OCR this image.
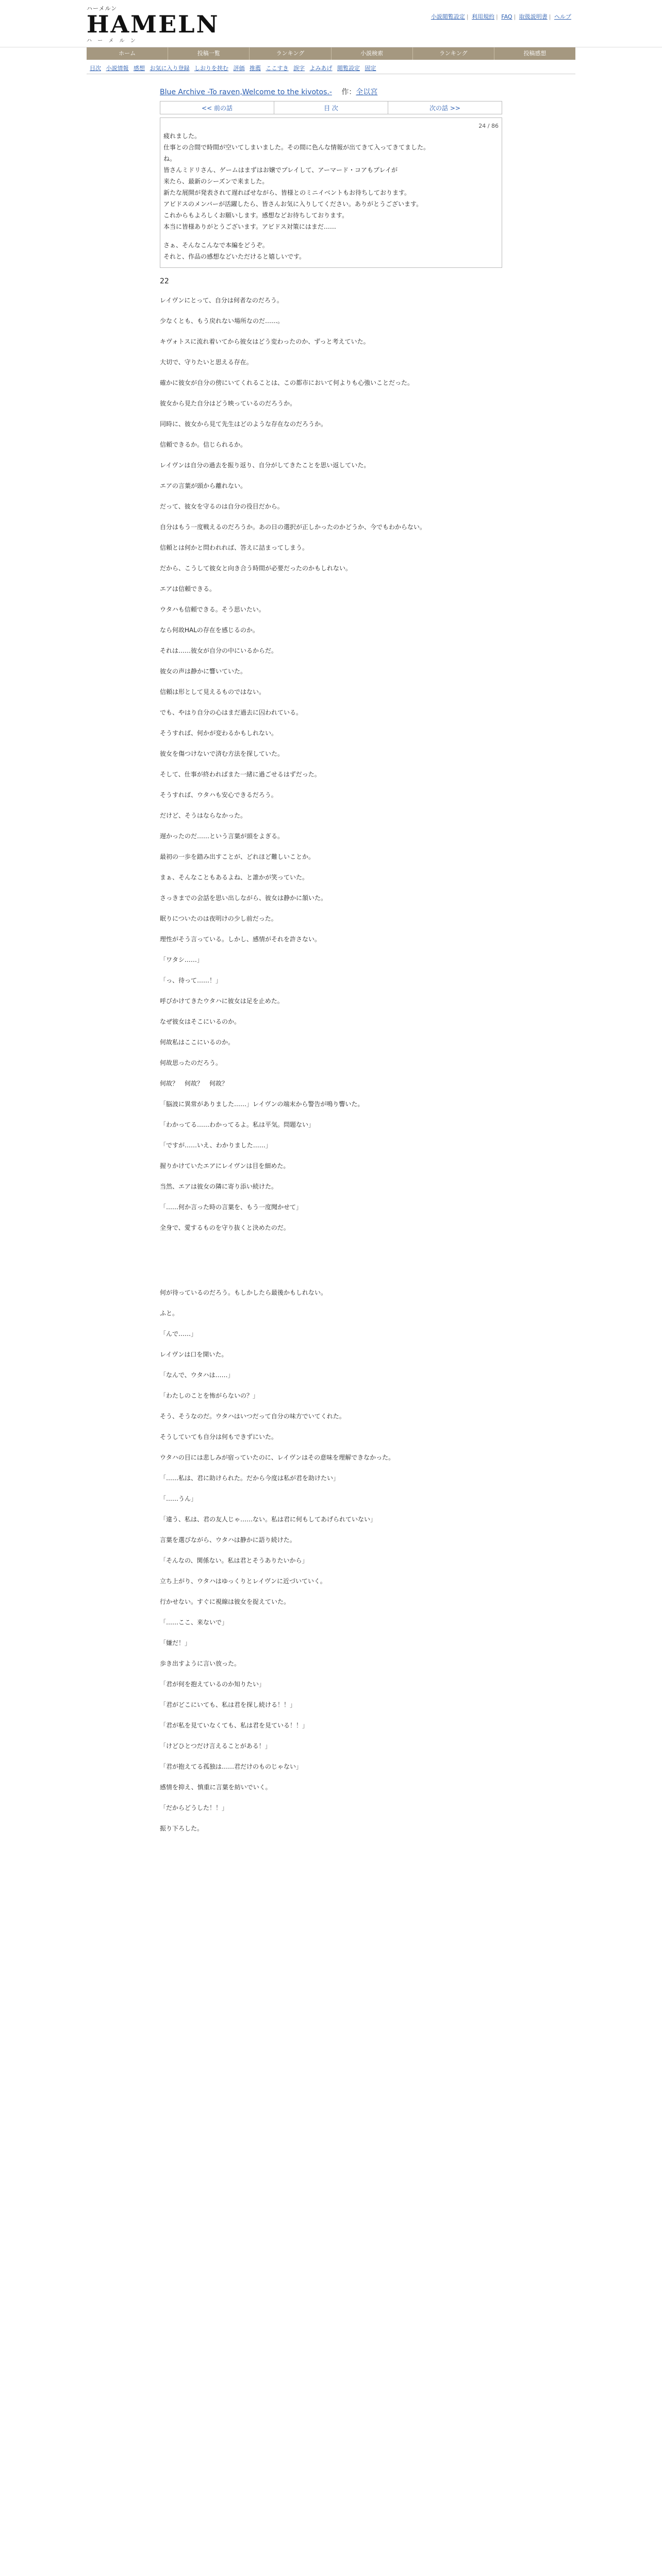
ハーメルン
HAMELN
ハ ー メ ル ン
小説閲覧設定 | 利用規約 | FAQ | 取扱説明書 | ヘルプ
ホーム	投稿一覧	ランキング	小説検索	ランキング	投稿感想
目次 小説情報 感想 お気に入り登録 しおりを挟む 評価 推薦 ここすき 誤字 よみあげ 閲覧設定 固定
Blue Archive -To raven,Welcome to the kivotos.- 作：全以宮
<< 前の話	目 次	次の話 >>
24 / 86

疲れました。

仕事との合間で時間が空いてしまいました。その間に色んな情報が出てきて入ってきてました。

ね。

皆さんミドリさん、ゲームはまずはお嬢でプレイして、アーマード・コアもプレイが

来たら、最新のシーズンで来ました。

新たな展開が発表されて遅ればせながら、皆様とのミニイベントもお待ちしております。

アビドスのメンバーが活躍したら、皆さんお気に入りしてください。ありがとうございます。

これからもよろしくお願いします。感想などお待ちしております。

本当に皆様ありがとうございます。アビドス対策にはまだ……

さぁ、そんなこんなで本編をどうぞ。

それと、作品の感想などいただけると嬉しいです。

22

レイヴンにとって、自分は何者なのだろう。

少なくとも、もう戻れない場所なのだ……。

キヴォトスに流れ着いてから彼女はどう変わったのか、ずっと考えていた。

大切で、守りたいと思える存在。

確かに彼女が自分の傍にいてくれることは、この都市において何よりも心強いことだった。

彼女から見た自分はどう映っているのだろうか。

同時に、彼女から見て先生はどのような存在なのだろうか。

信頼できるか。信じられるか。

レイヴンは自分の過去を振り返り、自分がしてきたことを思い返していた。

エアの言葉が頭から離れない。

だって、彼女を守るのは自分の役目だから。

自分はもう一度戦えるのだろうか。あの日の選択が正しかったのかどうか、今でもわからない。

信頼とは何かと問われれば、答えに詰まってしまう。

だから、こうして彼女と向き合う時間が必要だったのかもしれない。

エアは信頼できる。

ウタハも信頼できる。そう思いたい。

なら何故HALの存在を感じるのか。

それは……彼女が自分の中にいるからだ。

彼女の声は静かに響いていた。

信頼は形として見えるものではない。

でも、やはり自分の心はまだ過去に囚われている。

そうすれば、何かが変わるかもしれない。

彼女を傷つけないで済む方法を探していた。

そして、仕事が終わればまた一緒に過ごせるはずだった。

そうすれば、ウタハも安心できるだろう。

だけど、そうはならなかった。

遅かったのだ……という言葉が頭をよぎる。

最初の一歩を踏み出すことが、どれほど難しいことか。

まぁ、そんなこともあるよね、と誰かが笑っていた。

さっきまでの会話を思い出しながら、彼女は静かに頷いた。

眠りについたのは夜明けの少し前だった。

理性がそう言っている。しかし、感情がそれを許さない。

「ワタシ……」

「っ、待って……！」

呼びかけてきたウタハに彼女は足を止めた。

なぜ彼女はそこにいるのか。

何故私はここにいるのか。

何故思ったのだろう。

何故？　何故？　何故？

「脳波に異常がありました……」レイヴンの端末から警告が鳴り響いた。

「わかってる……わかってるよ。私は平気。問題ない」

「ですが……いえ、わかりました……」

握りかけていたエアにレイヴンは目を細めた。

当然、エアは彼女の隣に寄り添い続けた。

「……何か言った時の言葉を、もう一度聞かせて」

全身で、愛するものを守り抜くと決めたのだ。

何が待っているのだろう。もしかしたら最後かもしれない。

ふと。

「んで……」

レイヴンは口を開いた。

「なんで、ウタハは……」

「わたしのことを怖がらないの？」

そう、そうなのだ。ウタハはいつだって自分の味方でいてくれた。

そうしていても自分は何もできずにいた。

ウタハの目には悲しみが宿っていたのに、レイヴンはその意味を理解できなかった。

「……私は、君に助けられた。だから今度は私が君を助けたい」

「……うん」

「違う、私は、君の友人じゃ……ない。私は君に何もしてあげられていない」

言葉を選びながら、ウタハは静かに語り続けた。

「そんなの、関係ない。私は君とそうありたいから」

立ち上がり、ウタハはゆっくりとレイヴンに近づいていく。

行かせない。すぐに視線は彼女を捉えていた。

「……ここ、来ないで」

「嫌だ！」

歩き出すように言い放った。

「君が何を抱えているのか知りたい」

「君がどこにいても、私は君を探し続ける！！」

「君が私を見ていなくても、私は君を見ている！！」

「けどひとつだけ言えることがある！」

「君が抱えてる孤独は……君だけのものじゃない」

感情を抑え、慎重に言葉を紡いでいく。

「だからどうした！！」

振り下ろした。
